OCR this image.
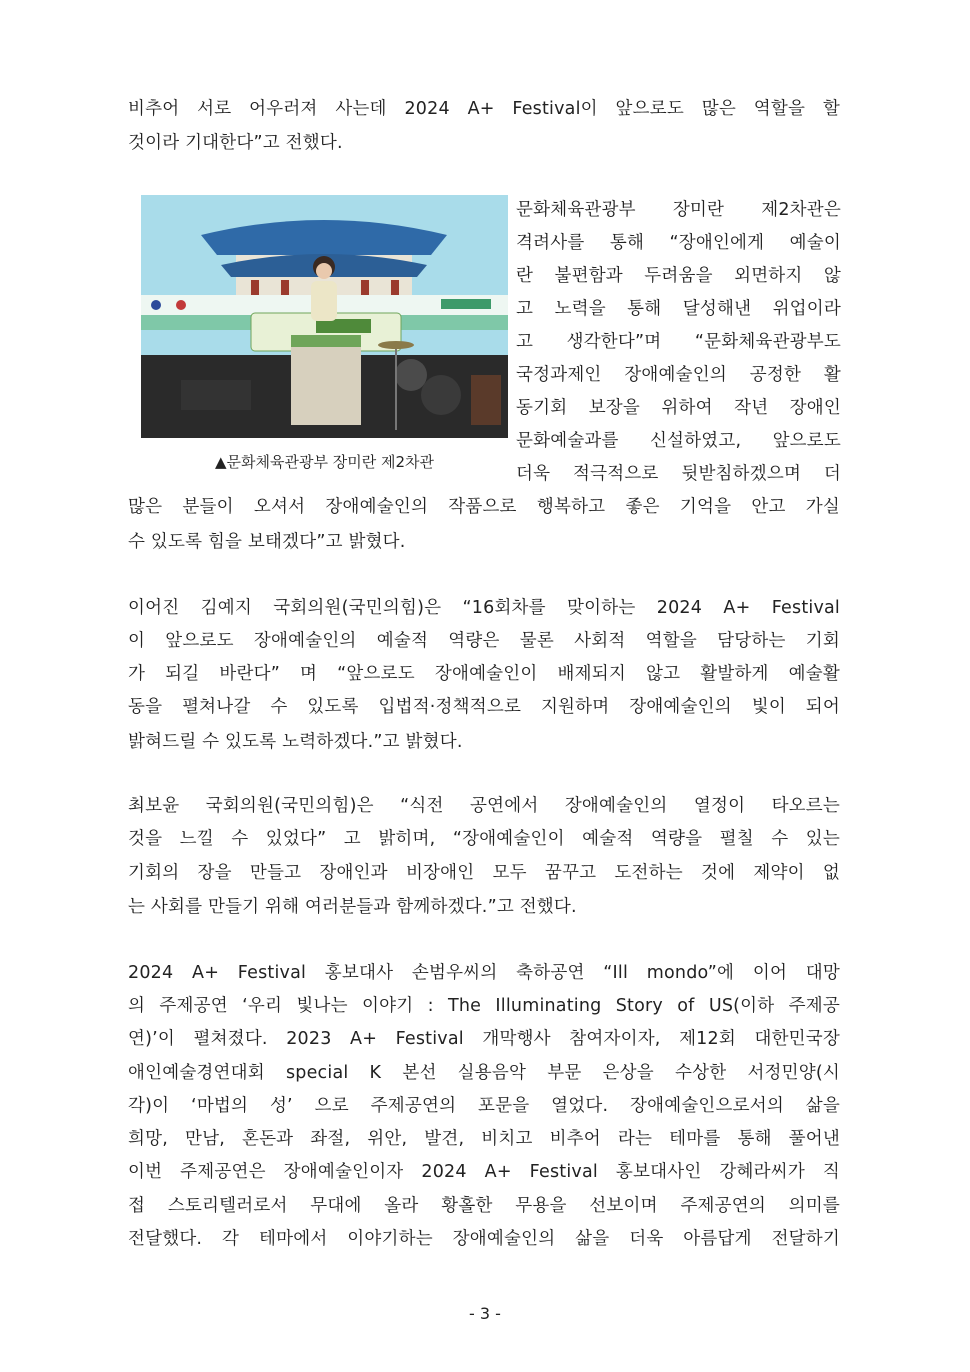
비추어 서로 어우러져 사는데 2024 A+ Festival이 앞으로도 많은 역할을 할
것이라 기대한다”고 전했다.
▲문화체육관광부 장미란 제2차관
문화체육관광부 장미란 제2차관은
격려사를 통해 “장애인에게 예술이
란 불편함과 두려움을 외면하지 않
고 노력을 통해 달성해낸 위업이라
고 생각한다”며 “문화체육관광부도
국정과제인 장애예술인의 공정한 활
동기회 보장을 위하여 작년 장애인
문화예술과를 신설하였고, 앞으로도
더욱 적극적으로 뒷받침하겠으며 더
많은 분들이 오셔서 장애예술인의 작품으로 행복하고 좋은 기억을 안고 가실
수 있도록 힘을 보태겠다”고 밝혔다.
이어진 김예지 국회의원(국민의힘)은 “16회차를 맞이하는 2024 A+ Festival
이 앞으로도 장애예술인의 예술적 역량은 물론 사회적 역할을 담당하는 기회
가 되길 바란다” 며 “앞으로도 장애예술인이 배제되지 않고 활발하게 예술활
동을 펼쳐나갈 수 있도록 입법적·정책적으로 지원하며 장애예술인의 빛이 되어
밝혀드릴 수 있도록 노력하겠다.”고 밝혔다.
최보윤 국회의원(국민의힘)은 “식전 공연에서 장애예술인의 열정이 타오르는
것을 느낄 수 있었다” 고 밝히며, “장애예술인이 예술적 역량을 펼칠 수 있는
기회의 장을 만들고 장애인과 비장애인 모두 꿈꾸고 도전하는 것에 제약이 없
는 사회를 만들기 위해 여러분들과 함께하겠다.”고 전했다.
2024 A+ Festival 홍보대사 손범우씨의 축하공연 “Ill mondo”에 이어 대망
의 주제공연 ‘우리 빛나는 이야기 : The Illuminating Story of US(이하 주제공
연)’이 펼쳐졌다. 2023 A+ Festival 개막행사 참여자이자, 제12회 대한민국장
애인예술경연대회 special K 본선 실용음악 부문 은상을 수상한 서정민양(시
각)이 ‘마법의 성’ 으로 주제공연의 포문을 열었다. 장애예술인으로서의 삶을
희망, 만남, 혼돈과 좌절, 위안, 발견, 비치고 비추어 라는 테마를 통해 풀어낸
이번 주제공연은 장애예술인이자 2024 A+ Festival 홍보대사인 강혜라씨가 직
접 스토리텔러로서 무대에 올라 황홀한 무용을 선보이며 주제공연의 의미를
전달했다. 각 테마에서 이야기하는 장애예술인의 삶을 더욱 아름답게 전달하기
- 3 -
